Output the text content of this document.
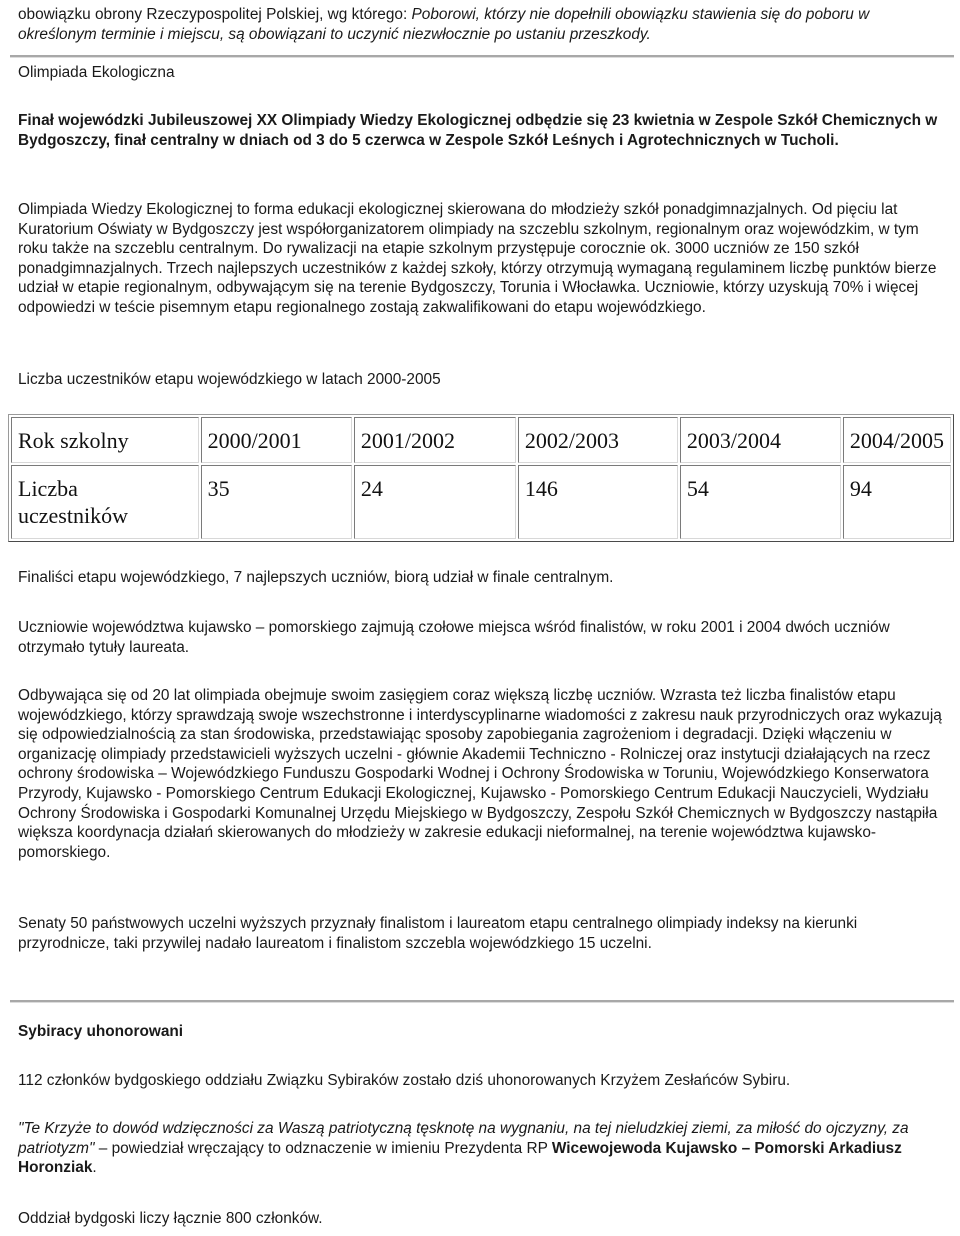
obowiązku obrony Rzeczypospolitej Polskiej, wg którego: Poborowi, którzy nie dopełnili obowiązku stawienia się do poboru w określonym terminie i miejscu, są obowiązani to uczynić niezwłocznie po ustaniu przeszkody.

Olimpiada Ekologiczna

Finał wojewódzki Jubileuszowej XX Olimpiady Wiedzy Ekologicznej odbędzie się 23 kwietnia w Zespole Szkół Chemicznych w Bydgoszczy, finał centralny w dniach od 3 do 5 czerwca w Zespole Szkół Leśnych i Agrotechnicznych w Tucholi.

Olimpiada Wiedzy Ekologicznej to forma edukacji ekologicznej skierowana do młodzieży szkół ponadgimnazjalnych. Od pięciu lat Kuratorium Oświaty w Bydgoszczy jest współorganizatorem olimpiady na szczeblu szkolnym, regionalnym oraz wojewódzkim, w tym roku także na szczeblu centralnym. Do rywalizacji na etapie szkolnym przystępuje corocznie ok. 3000 uczniów ze 150 szkół ponadgimnazjalnych. Trzech najlepszych uczestników z każdej szkoły, którzy otrzymują wymaganą regulaminem liczbę punktów bierze udział w etapie regionalnym, odbywającym się na terenie Bydgoszczy, Torunia i Włocławka. Uczniowie, którzy uzyskują 70% i więcej odpowiedzi w teście pisemnym etapu regionalnego zostają zakwalifikowani do etapu wojewódzkiego.

Liczba uczestników etapu wojewódzkiego w latach 2000-2005

Rok szkolny	2000/2001	2001/2002	2002/2003	2003/2004	2004/2005
Liczba uczestników	35	24	146	54	94

Finaliści etapu wojewódzkiego, 7 najlepszych uczniów, biorą udział w finale centralnym.

Uczniowie województwa kujawsko – pomorskiego zajmują czołowe miejsca wśród finalistów, w roku 2001 i 2004 dwóch uczniów otrzymało tytuły laureata.

Odbywająca się od 20 lat olimpiada obejmuje swoim zasięgiem coraz większą liczbę uczniów. Wzrasta też liczba finalistów etapu wojewódzkiego, którzy sprawdzają swoje wszechstronne i interdyscyplinarne wiadomości z zakresu nauk przyrodniczych oraz wykazują się odpowiedzialnością za stan środowiska, przedstawiając sposoby zapobiegania zagrożeniom i degradacji. Dzięki włączeniu w organizację olimpiady przedstawicieli wyższych uczelni - głównie Akademii Techniczno - Rolniczej oraz instytucji działających na rzecz ochrony środowiska – Wojewódzkiego Funduszu Gospodarki Wodnej i Ochrony Środowiska w Toruniu, Wojewódzkiego Konserwatora Przyrody, Kujawsko - Pomorskiego Centrum Edukacji Ekologicznej, Kujawsko - Pomorskiego Centrum Edukacji Nauczycieli, Wydziału Ochrony Środowiska i Gospodarki Komunalnej Urzędu Miejskiego w Bydgoszczy, Zespołu Szkół Chemicznych w Bydgoszczy nastąpiła większa koordynacja działań skierowanych do młodzieży w zakresie edukacji nieformalnej, na terenie województwa kujawsko-pomorskiego.

Senaty 50 państwowych uczelni wyższych przyznały finalistom i laureatom etapu centralnego olimpiady indeksy na kierunki przyrodnicze, taki przywilej nadało laureatom i finalistom szczebla wojewódzkiego 15 uczelni.

Sybiracy uhonorowani

112 członków bydgoskiego oddziału Związku Sybiraków zostało dziś uhonorowanych Krzyżem Zesłańców Sybiru.

"Te Krzyże to dowód wdzięczności za Waszą patriotyczną tęsknotę na wygnaniu, na tej nieludzkiej ziemi, za miłość do ojczyzny, za patriotyzm" – powiedział wręczający to odznaczenie w imieniu Prezydenta RP Wicewojewoda Kujawsko – Pomorski Arkadiusz Horonziak.

Oddział bydgoski liczy łącznie 800 członków.
